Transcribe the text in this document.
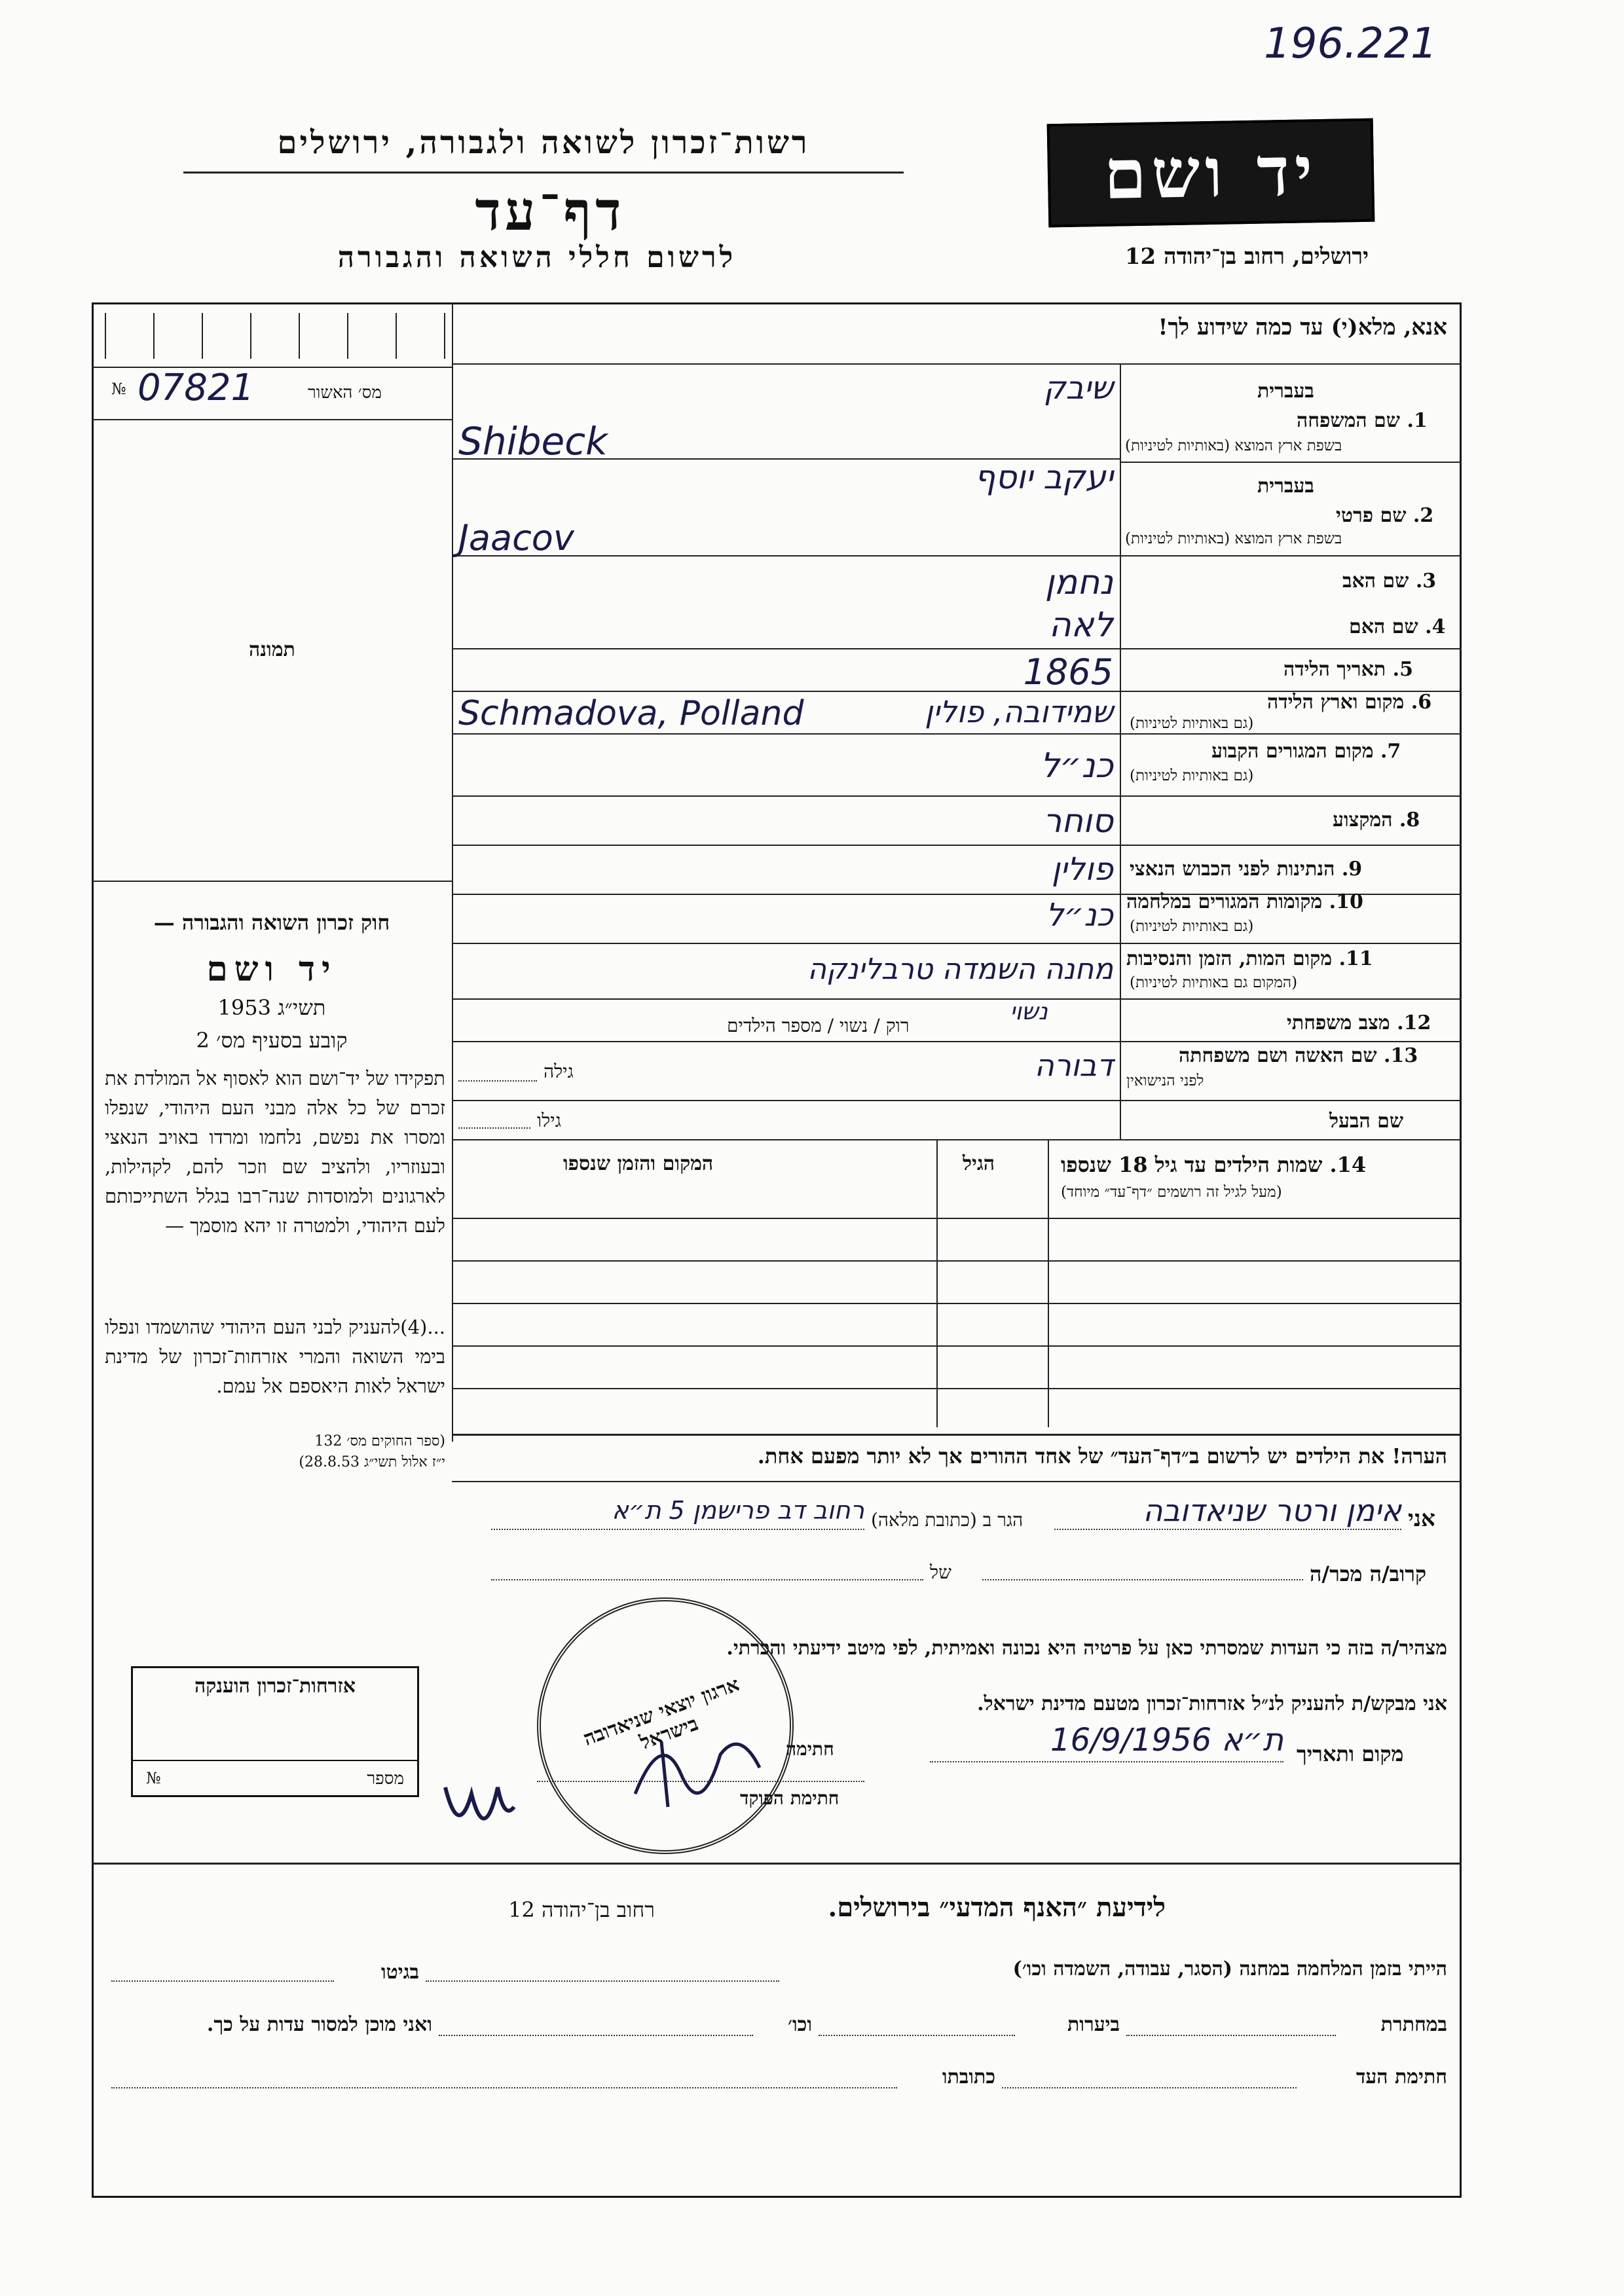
196.221
רשות־זכרון לשואה ולגבורה, ירושלים
דף־עד
לרשום חללי השואה והגבורה
יד ושם
ירושלים, רחוב בן־יהודה 12
אנא, מלא(י) עד כמה שידוע לך!
№ 07821	מס׳ האשור
תמונה
בעברית
1. שם המשפחה
בשפת ארץ המוצא (באותיות לטיניות)
שיבק
Shibeck
בעברית
2. שם פרטי
בשפת ארץ המוצא (באותיות לטיניות)
יעקב יוסף
Jaacov
3. שם האב
נחמן
4. שם האם
לאה
5. תאריך הלידה
1865
6. מקום וארץ הלידה
(גם באותיות לטיניות)
שמידובה, פולין
Schmadova, Polland
7. מקום המגורים הקבוע
(גם באותיות לטיניות)
כנ״ל
8. המקצוע
סוחר
9. הנתינות לפני הכבוש הנאצי
פולין
10. מקומות המגורים במלחמה
(גם באותיות לטיניות)
כנ״ל
11. מקום המות, הזמן והנסיבות
(המקום גם באותיות לטיניות)
מחנה השמדה טרבלינקה
12. מצב משפחתי
רוק / נשוי / מספר הילדים
נשוי
13. שם האשה ושם משפחתה
לפני הנישואין
דבורה
גילה
שם הבעל
גילו
14. שמות הילדים עד גיל 18 שנספו
(מעל לגיל זה רושמים ״דף־עד״ מיוחד)
הגיל
המקום והזמן שנספו
חוק זכרון השואה והגבורה —
יד ושם
תשי״ג 1953
קובע בסעיף מס׳ 2
תפקידו של יד־ושם הוא לאסוף אל המולדת את זכרם של כל אלה מבני העם היהודי, שנפלו ומסרו את נפשם, נלחמו ומרדו באויב הנאצי ובעוזריו, ולהציב שם וזכר להם, לקהילות, לארגונים ולמוסדות שנה־רבו בגלל השתייכותם לעם היהודי, ולמטרה זו יהא מוסמך —
...(4)להעניק לבני העם היהודי שהושמדו ונפלו בימי השואה והמרי אזרחות־זכרון של מדינת ישראל לאות היאספם אל עמם.
(ספר החוקים מס׳ 132
י״ז אלול תשי״ג 28.8.53)	הערה! את הילדים יש לרשום ב״דף־העד״ של אחד ההורים אך לא יותר מפעם אחת.
אני
אימן ורטר שניאדובה
הגר ב (כתובת מלאה)
רחוב דב פרישמן 5 ת״א
קרוב/ה מכר/ה
של
מצהיר/ה בזה כי העדות שמסרתי כאן על פרטיה היא נכונה ואמיתית, לפי מיטב ידיעתי והכרתי.
אני מבקש/ת להעניק לנ״ל אזרחות־זכרון מטעם מדינת ישראל.
מקום ותאריך
ת״א 16/9/1956
חתימה
חתימת הפוקד
ארגון יוצאי שניאדובה בישראל
אזרחות־זכרון הוענקה
מספר
№
לידיעת ״האנף המדעי״ בירושלים.
רחוב בן־יהודה 12
הייתי בזמן המלחמה במחנה (הסגר, עבודה, השמדה וכו׳)
בגיטו
במחתרת
ביערות
וכו׳
ואני מוכן למסור עדות על כך.
חתימת העד
כתובתו
